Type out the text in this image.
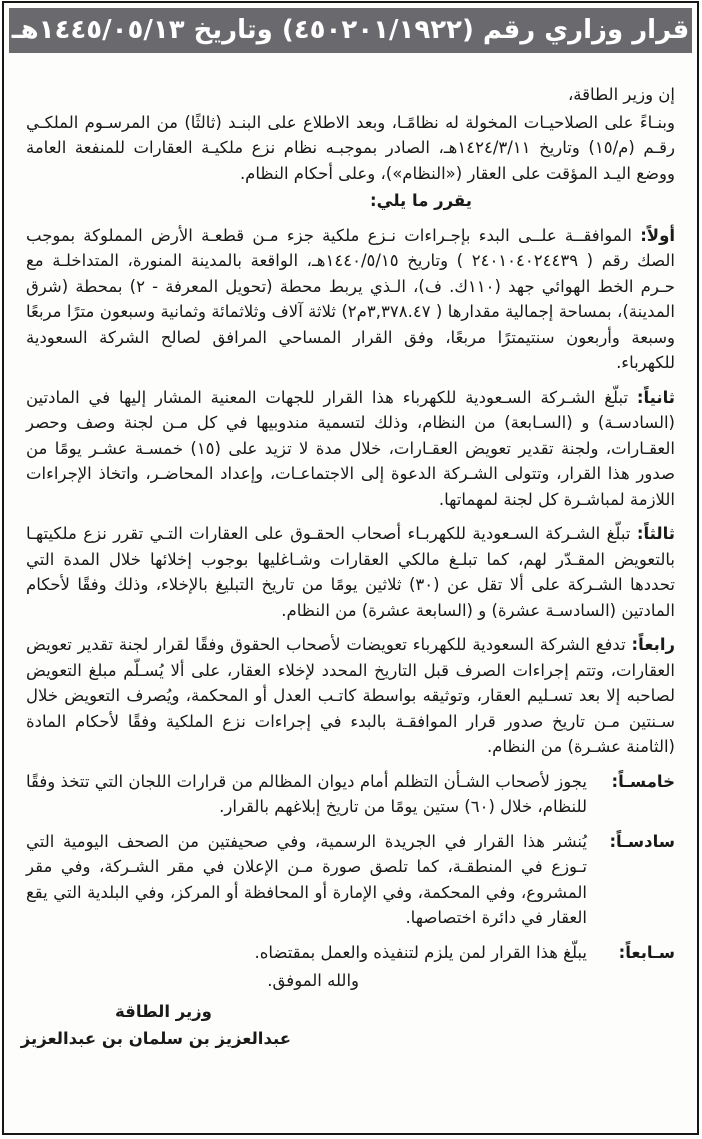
قرار وزاري رقم (٤٥٠٢٠١/١٩٢٢) وتاريخ ١٤٤٥/٠٥/١٣هـ

إن وزير الطاقة،

وبنـاءً على الصلاحيـات المخولة له نظامًـا، وبعد الاطلاع على البنـد (ثالثًا) من المرسـوم الملكـي رقـم (م/١٥) وتاريخ ١٤٢٤/٣/١١هـ، الصادر بموجبـه نظام نزع ملكيـة العقارات للمنفعة العامة ووضع اليـد المؤقت على العقار («النظام»)، وعلى أحكام النظام.

يقرر ما يلي:

أولاً: الموافقــة علــى البدء بإجـراءات نـزع ملكية جزء مـن قطعـة الأرض المملوكة بموجب الصك رقم ( ٢٤٠١٠٤٠٢٤٤٣٩ ) وتاريخ ١٤٤٠/٥/١٥هـ، الواقعة بالمدينة المنورة، المتداخلـة مع حـرم الخط الهوائي جهد (١١٠ك. ف)، الـذي يربط محطة (تحويل المعرفة - ٢) بمحطة (شرق المدينة)، بمساحة إجمالية مقدارها ( ٣,٣٧٨.٤٧م٢) ثلاثة آلاف وثلاثمائة وثمانية وسبعون مترًا مربعًا وسبعة وأربعون سنتيمترًا مربعًا، وفق القرار المساحي المرافق لصالح الشركة السعودية للكهرباء.

ثانياً: تبلّغ الشـركة السـعودية للكهرباء هذا القرار للجهات المعنية المشار إليها في المادتين (السادسـة) و (السـابعة) من النظام، وذلك لتسمية مندوبيها في كل مـن لجنة وصف وحصر العقـارات، ولجنة تقدير تعويض العقـارات، خلال مدة لا تزيد على (١٥) خمسـة عشـر يومًا من صدور هذا القرار، وتتولى الشـركة الدعوة إلى الاجتماعـات، وإعداد المحاضـر، واتخاذ الإجراءات اللازمة لمباشـرة كل لجنة لمهماتها.

ثالثاً: تبلّغ الشـركة السـعودية للكهربـاء أصحاب الحقـوق على العقارات التـي تقرر نزع ملكيتهـا بالتعويض المقـدّر لهم، كما تبلـغ مالكي العقارات وشـاغليها بوجوب إخلائها خلال المدة التي تحددها الشـركة على ألا تقل عن (٣٠) ثلاثين يومًا من تاريخ التبليغ بالإخلاء، وذلك وفقًا لأحكام المادتين (السادسـة عشرة) و (السابعة عشرة) من النظام.

رابعاً: تدفع الشركة السعودية للكهرباء تعويضات لأصحاب الحقوق وفقًا لقرار لجنة تقدير تعويض العقارات، وتتم إجراءات الصرف قبل التاريخ المحدد لإخلاء العقار، على ألا يُسـلّم مبلغ التعويض لصاحبه إلا بعد تسـليم العقار، وتوثيقه بواسطة كاتـب العدل أو المحكمة، ويُصرف التعويض خلال سـنتين مـن تاريخ صدور قرار الموافقـة بالبدء في إجراءات نزع الملكية وفقًا لأحكام المادة (الثامنة عشـرة) من النظام.

خامسـاً:
يجوز لأصحاب الشـأن التظلم أمام ديوان المظالم من قرارات اللجان التي تتخذ وفقًا للنظام، خلال (٦٠) ستين يومًا من تاريخ إبلاغهم بالقرار.
سادسـاً:
يُنشر هذا القرار في الجريدة الرسمية، وفي صحيفتين من الصحف اليومية التي تـوزع في المنطقـة، كما تلصق صورة مـن الإعلان في مقر الشـركة، وفي مقر المشروع، وفي المحكمة، وفي الإمارة أو المحافظة أو المركز، وفي البلدية التي يقع العقار في دائرة اختصاصها.
سـابعاً:
يبلّغ هذا القرار لمن يلزم لتنفيذه والعمل بمقتضاه.

والله الموفق.

وزير الطاقة
عبدالعزيز بن سلمان بن عبدالعزيز
